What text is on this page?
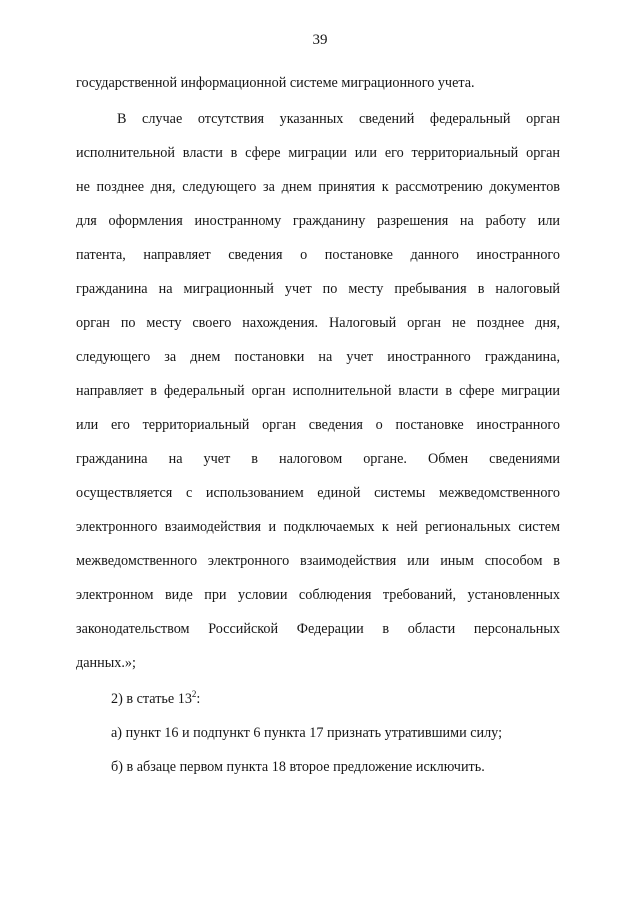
39
государственной информационной системе миграционного учета.
В случае отсутствия указанных сведений федеральный орган
исполнительной власти в сфере миграции или его территориальный орган
не позднее дня, следующего за днем принятия к рассмотрению документов
для оформления иностранному гражданину разрешения на работу или
патента, направляет сведения о постановке данного иностранного
гражданина на миграционный учет по месту пребывания в налоговый
орган по месту своего нахождения. Налоговый орган не позднее дня,
следующего за днем постановки на учет иностранного гражданина,
направляет в федеральный орган исполнительной власти в сфере миграции
или его территориальный орган сведения о постановке иностранного
гражданина на учет в налоговом органе. Обмен сведениями
осуществляется с использованием единой системы межведомственного
электронного взаимодействия и подключаемых к ней региональных систем
межведомственного электронного взаимодействия или иным способом в
электронном виде при условии соблюдения требований, установленных
законодательством Российской Федерации в области персональных
данных.»;
2) в статье $13^2$:
а) пункт 16 и подпункт 6 пункта 17 признать утратившими силу;
б) в абзаце первом пункта 18 второе предложение исключить.
